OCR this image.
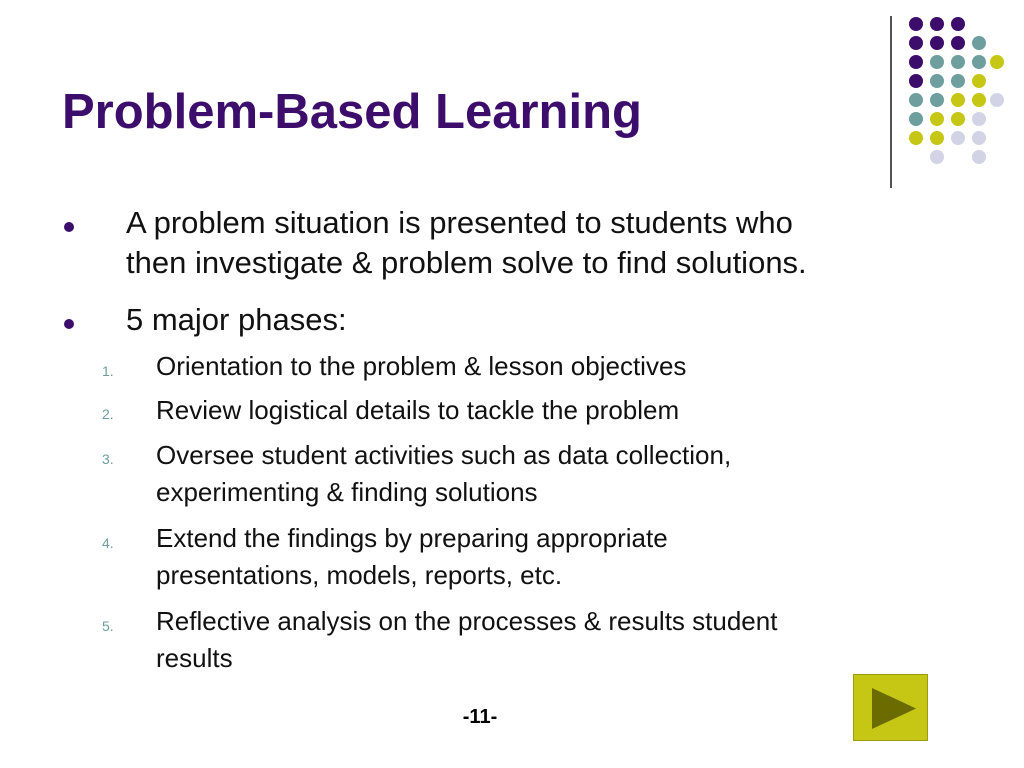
Problem-Based Learning
A problem situation is presented to students who
then investigate & problem solve to find solutions.
5 major phases:
1.	Orientation to the problem & lesson objectives
2.	Review logistical details to tackle the problem
3.	Oversee student activities such as data collection,
experimenting & finding solutions
4.	Extend the findings by preparing appropriate
presentations, models, reports, etc.
5.	Reflective analysis on the processes & results student
results
-11-
